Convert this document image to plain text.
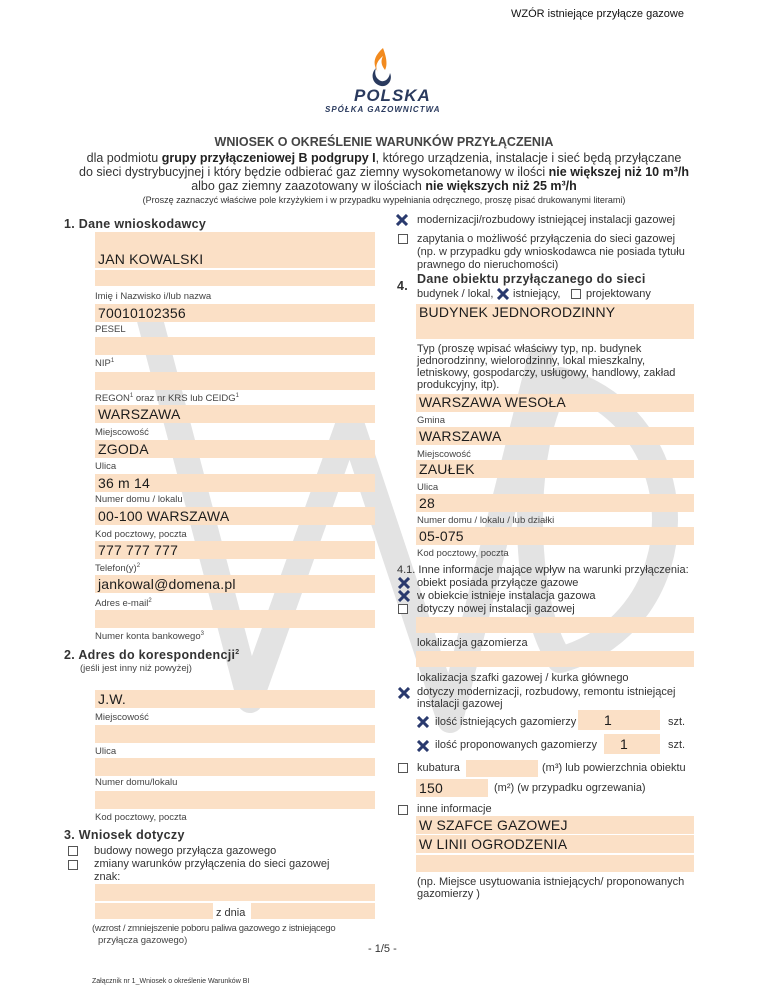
WZÓR istniejące przyłącze gazowe
POLSKA
SPÓŁKA GAZOWNICTWA
WNIOSEK O OKREŚLENIE WARUNKÓW PRZYŁĄCZENIA
dla podmiotu grupy przyłączeniowej B podgrupy I, którego urządzenia, instalacje i sieć będą przyłączane
do sieci dystrybucyjnej i który będzie odbierać gaz ziemny wysokometanowy w ilości nie większej niż 10 m³/h
albo gaz ziemny zaazotowany w ilościach nie większych niż 25 m³/h
(Proszę zaznaczyć właściwe pole krzyżykiem i w przypadku wypełniania odręcznego, proszę pisać drukowanymi literami)
1. Dane wnioskodawcy
JAN KOWALSKI
Imię i Nazwisko i/lub nazwa
70010102356
PESEL
NIP$^1$
REGON$^1$ oraz nr KRS lub CEIDG$^1$
WARSZAWA
Miejscowość
ZGODA
Ulica
36 m 14
Numer domu / lokalu
00-100 WARSZAWA
Kod pocztowy, poczta
777 777 777
$Telefon(y)^2$
jankowal@domena.pl
Adres e-mail$^2$
Numer konta bankowego$^3$
2. Adres do korespondencji$^2$
(jeśli jest inny niż powyżej)
J.W.
Miejscowość
Ulica
Numer domu/lokalu
Kod pocztowy, poczta
3. Wniosek dotyczy
budowy nowego przyłącza gazowego
zmiany warunków przyłączenia do sieci gazowej
znak:
z dnia
(wzrost / zmniejszenie poboru paliwa gazowego z istniejącego
przyłącza gazowego)
modernizacji/rozbudowy istniejącej instalacji gazowej
zapytania o możliwość przyłączenia do sieci gazowej
(np. w przypadku gdy wnioskodawca nie posiada tytułu
prawnego do nieruchomości)
4. Dane obiektu przyłączanego do sieci
budynek / lokal, istniejący, projektowany
BUDYNEK JEDNORODZINNY
Typ (proszę wpisać właściwy typ, np. budynek
jednorodzinny, wielorodzinny, lokal mieszkalny,
letniskowy, gospodarczy, usługowy, handlowy, zakład
produkcyjny, itp).
WARSZAWA WESOŁA
Gmina
WARSZAWA
Miejscowość
ZAUŁEK
Ulica
28
Numer domu / lokalu / lub działki
05-075
Kod pocztowy, poczta
4.1. Inne informacje mające wpływ na warunki przyłączenia:
obiekt posiada przyłącze gazowe
w obiekcie istnieje instalacja gazowa
dotyczy nowej instalacji gazowej
lokalizacja gazomierza
lokalizacja szafki gazowej / kurka głównego
dotyczy modernizacji, rozbudowy, remontu istniejącej
instalacji gazowej
ilość istniejących gazomierzy 1	szt.
ilość proponowanych gazomierzy 1	szt.
kubatura	(m³) lub powierzchnia obiektu
150	(m²) (w przypadku ogrzewania)
inne informacje
W SZAFCE GAZOWEJ
W LINII OGRODZENIA
(np. Miejsce usytuowania istniejących/ proponowanych
gazomierzy )
- 1/5 -
Załącznik nr 1_Wniosek o określenie Warunków BI
